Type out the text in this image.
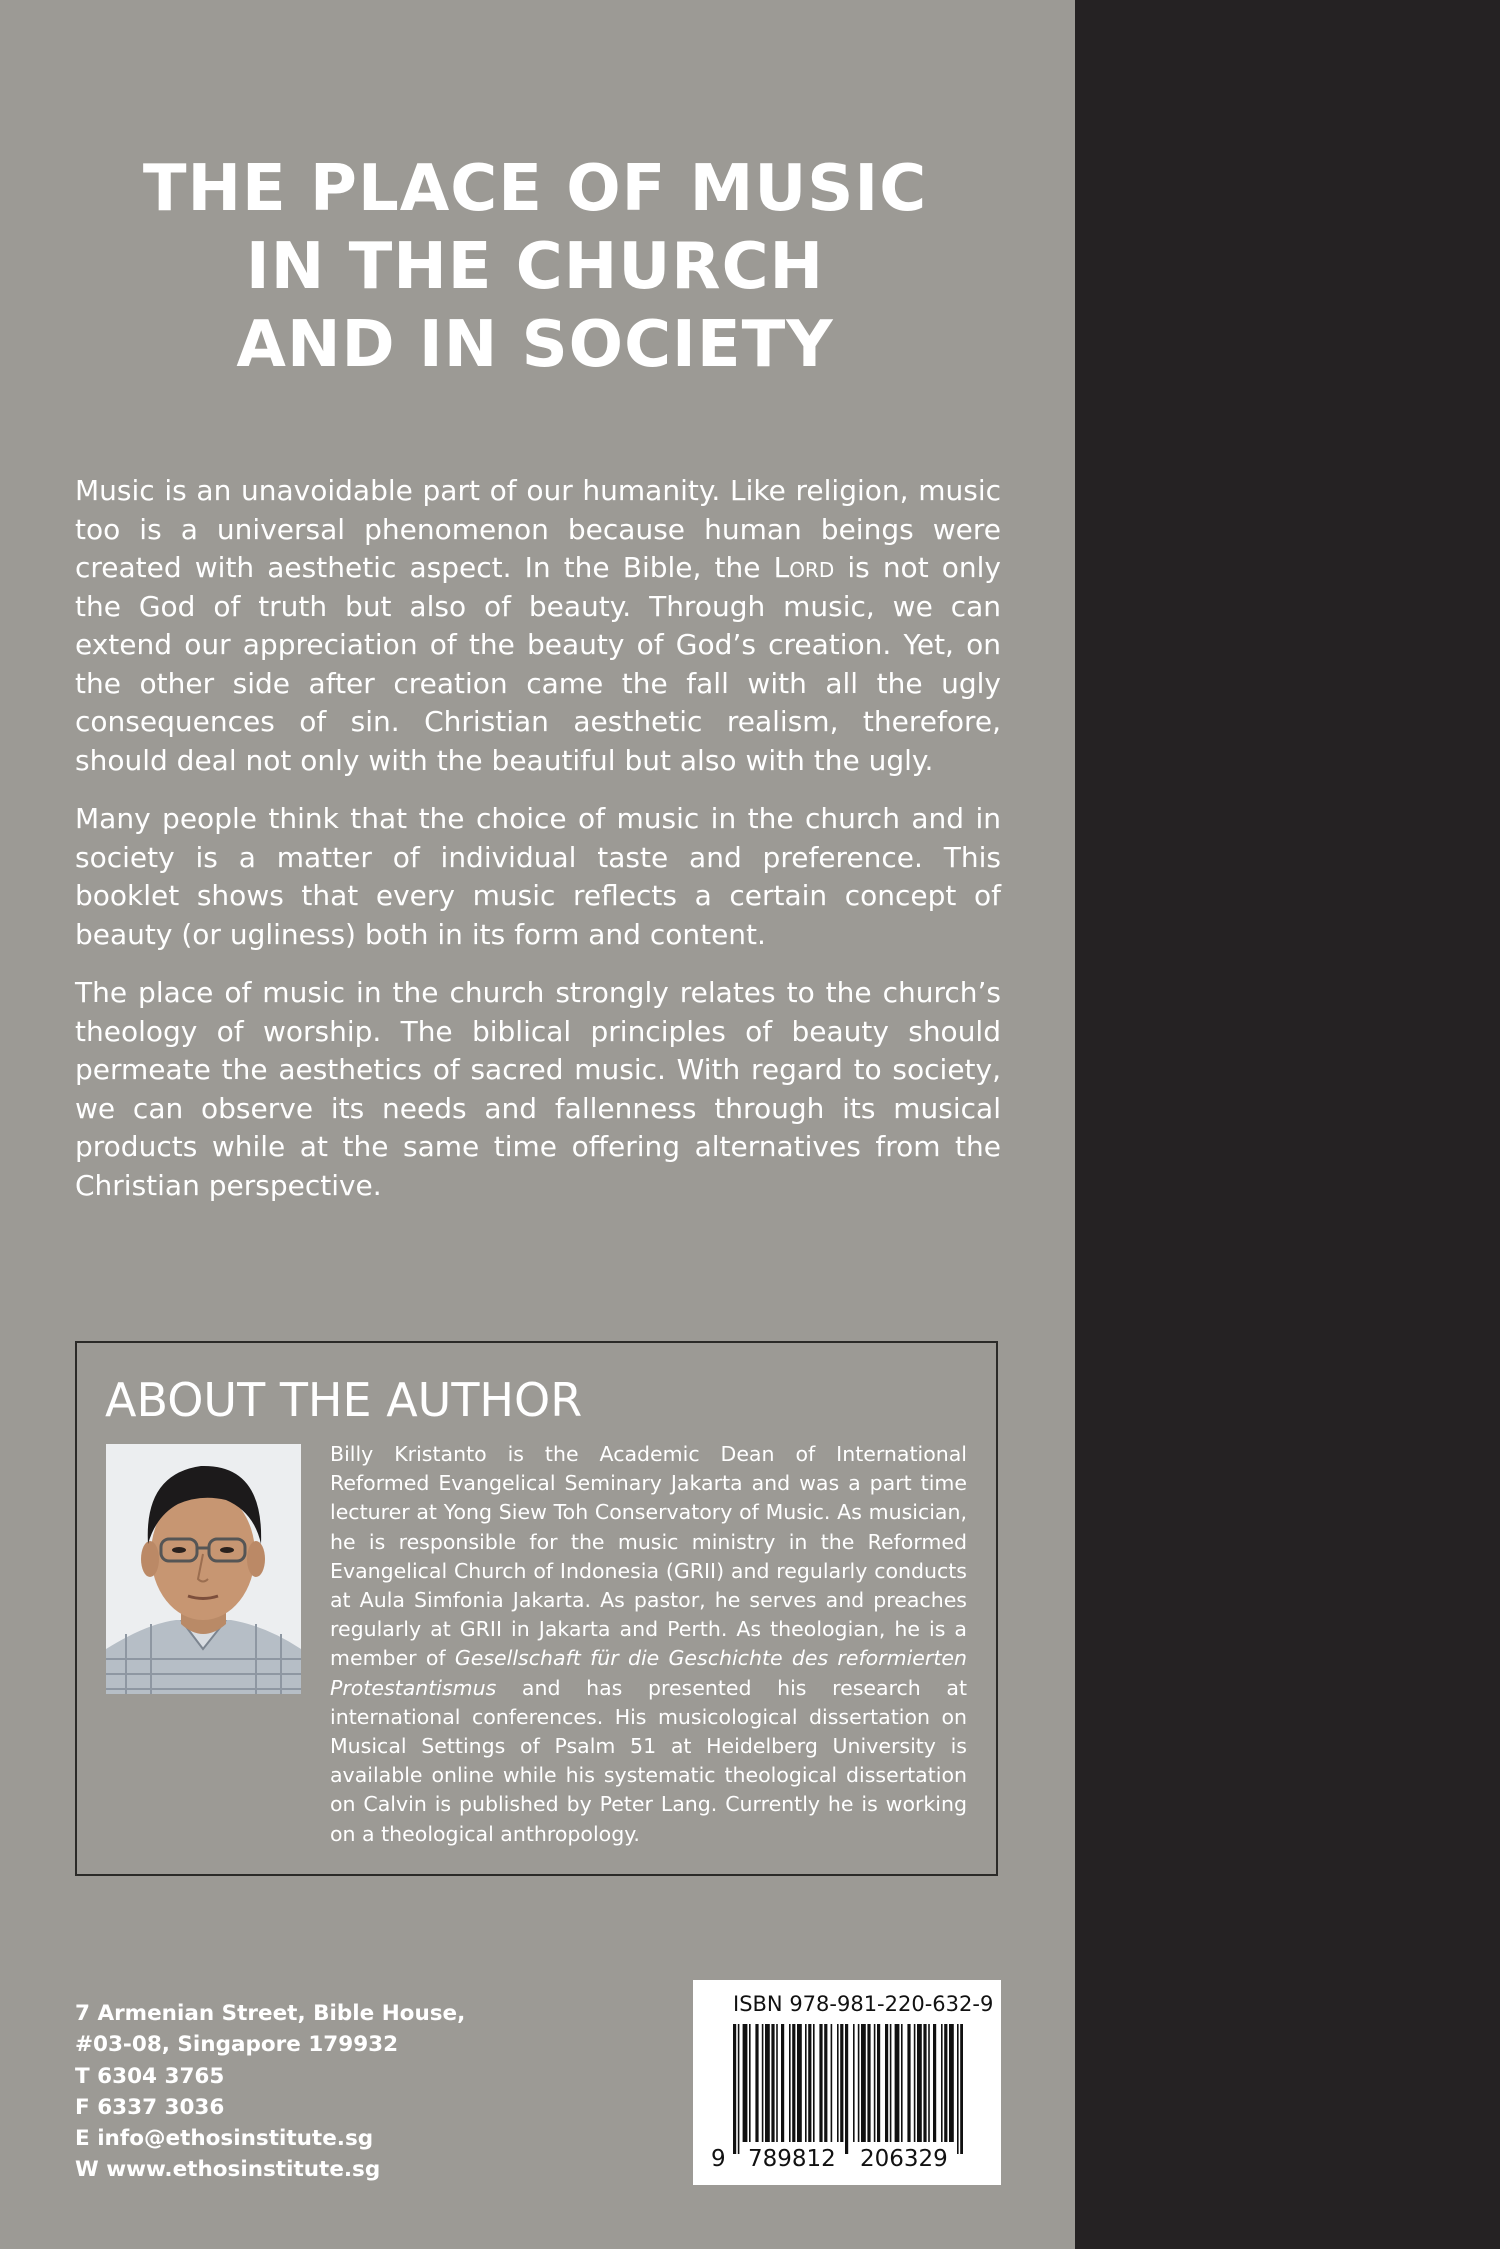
THE PLACE OF MUSIC
IN THE CHURCH
AND IN SOCIETY

Music is an unavoidable part of our humanity. Like religion, music too is a universal phenomenon because human beings were created with aesthetic aspect. In the Bible, the Lord is not only the God of truth but also of beauty. Through music, we can extend our appreciation of the beauty of God’s creation. Yet, on the other side after creation came the fall with all the ugly consequences of sin. Christian aesthetic realism, therefore, should deal not only with the beautiful but also with the ugly.

Many people think that the choice of music in the church and in society is a matter of individual taste and preference. This booklet shows that every music reflects a certain concept of beauty (or ugliness) both in its form and content.

The place of music in the church strongly relates to the church’s theology of worship. The biblical principles of beauty should permeate the aesthetics of sacred music. With regard to society, we can observe its needs and fallenness through its musical products while at the same time offering alternatives from the Christian perspective.

ABOUT THE AUTHOR

Billy Kristanto is the Academic Dean of International Reformed Evangelical Seminary Jakarta and was a part time lecturer at Yong Siew Toh Conservatory of Music. As musician, he is responsible for the music ministry in the Reformed Evangelical Church of Indonesia (GRII) and regularly conducts at Aula Simfonia Jakarta. As pastor, he serves and preaches regularly at GRII in Jakarta and Perth. As theologian, he is a member of Gesellschaft für die Geschichte des reformierten Protestantismus and has presented his research at international conferences. His musicological dissertation on Musical Settings of Psalm 51 at Heidelberg University is available online while his systematic theological dissertation on Calvin is published by Peter Lang. Currently he is working on a theological anthropology.

7 Armenian Street, Bible House,
#03-08, Singapore 179932
T 6304 3765
F 6337 3036
E info@ethosinstitute.sg
W www.ethosinstitute.sg
ISBN 978-981-220-632-9
9 789812 206329
